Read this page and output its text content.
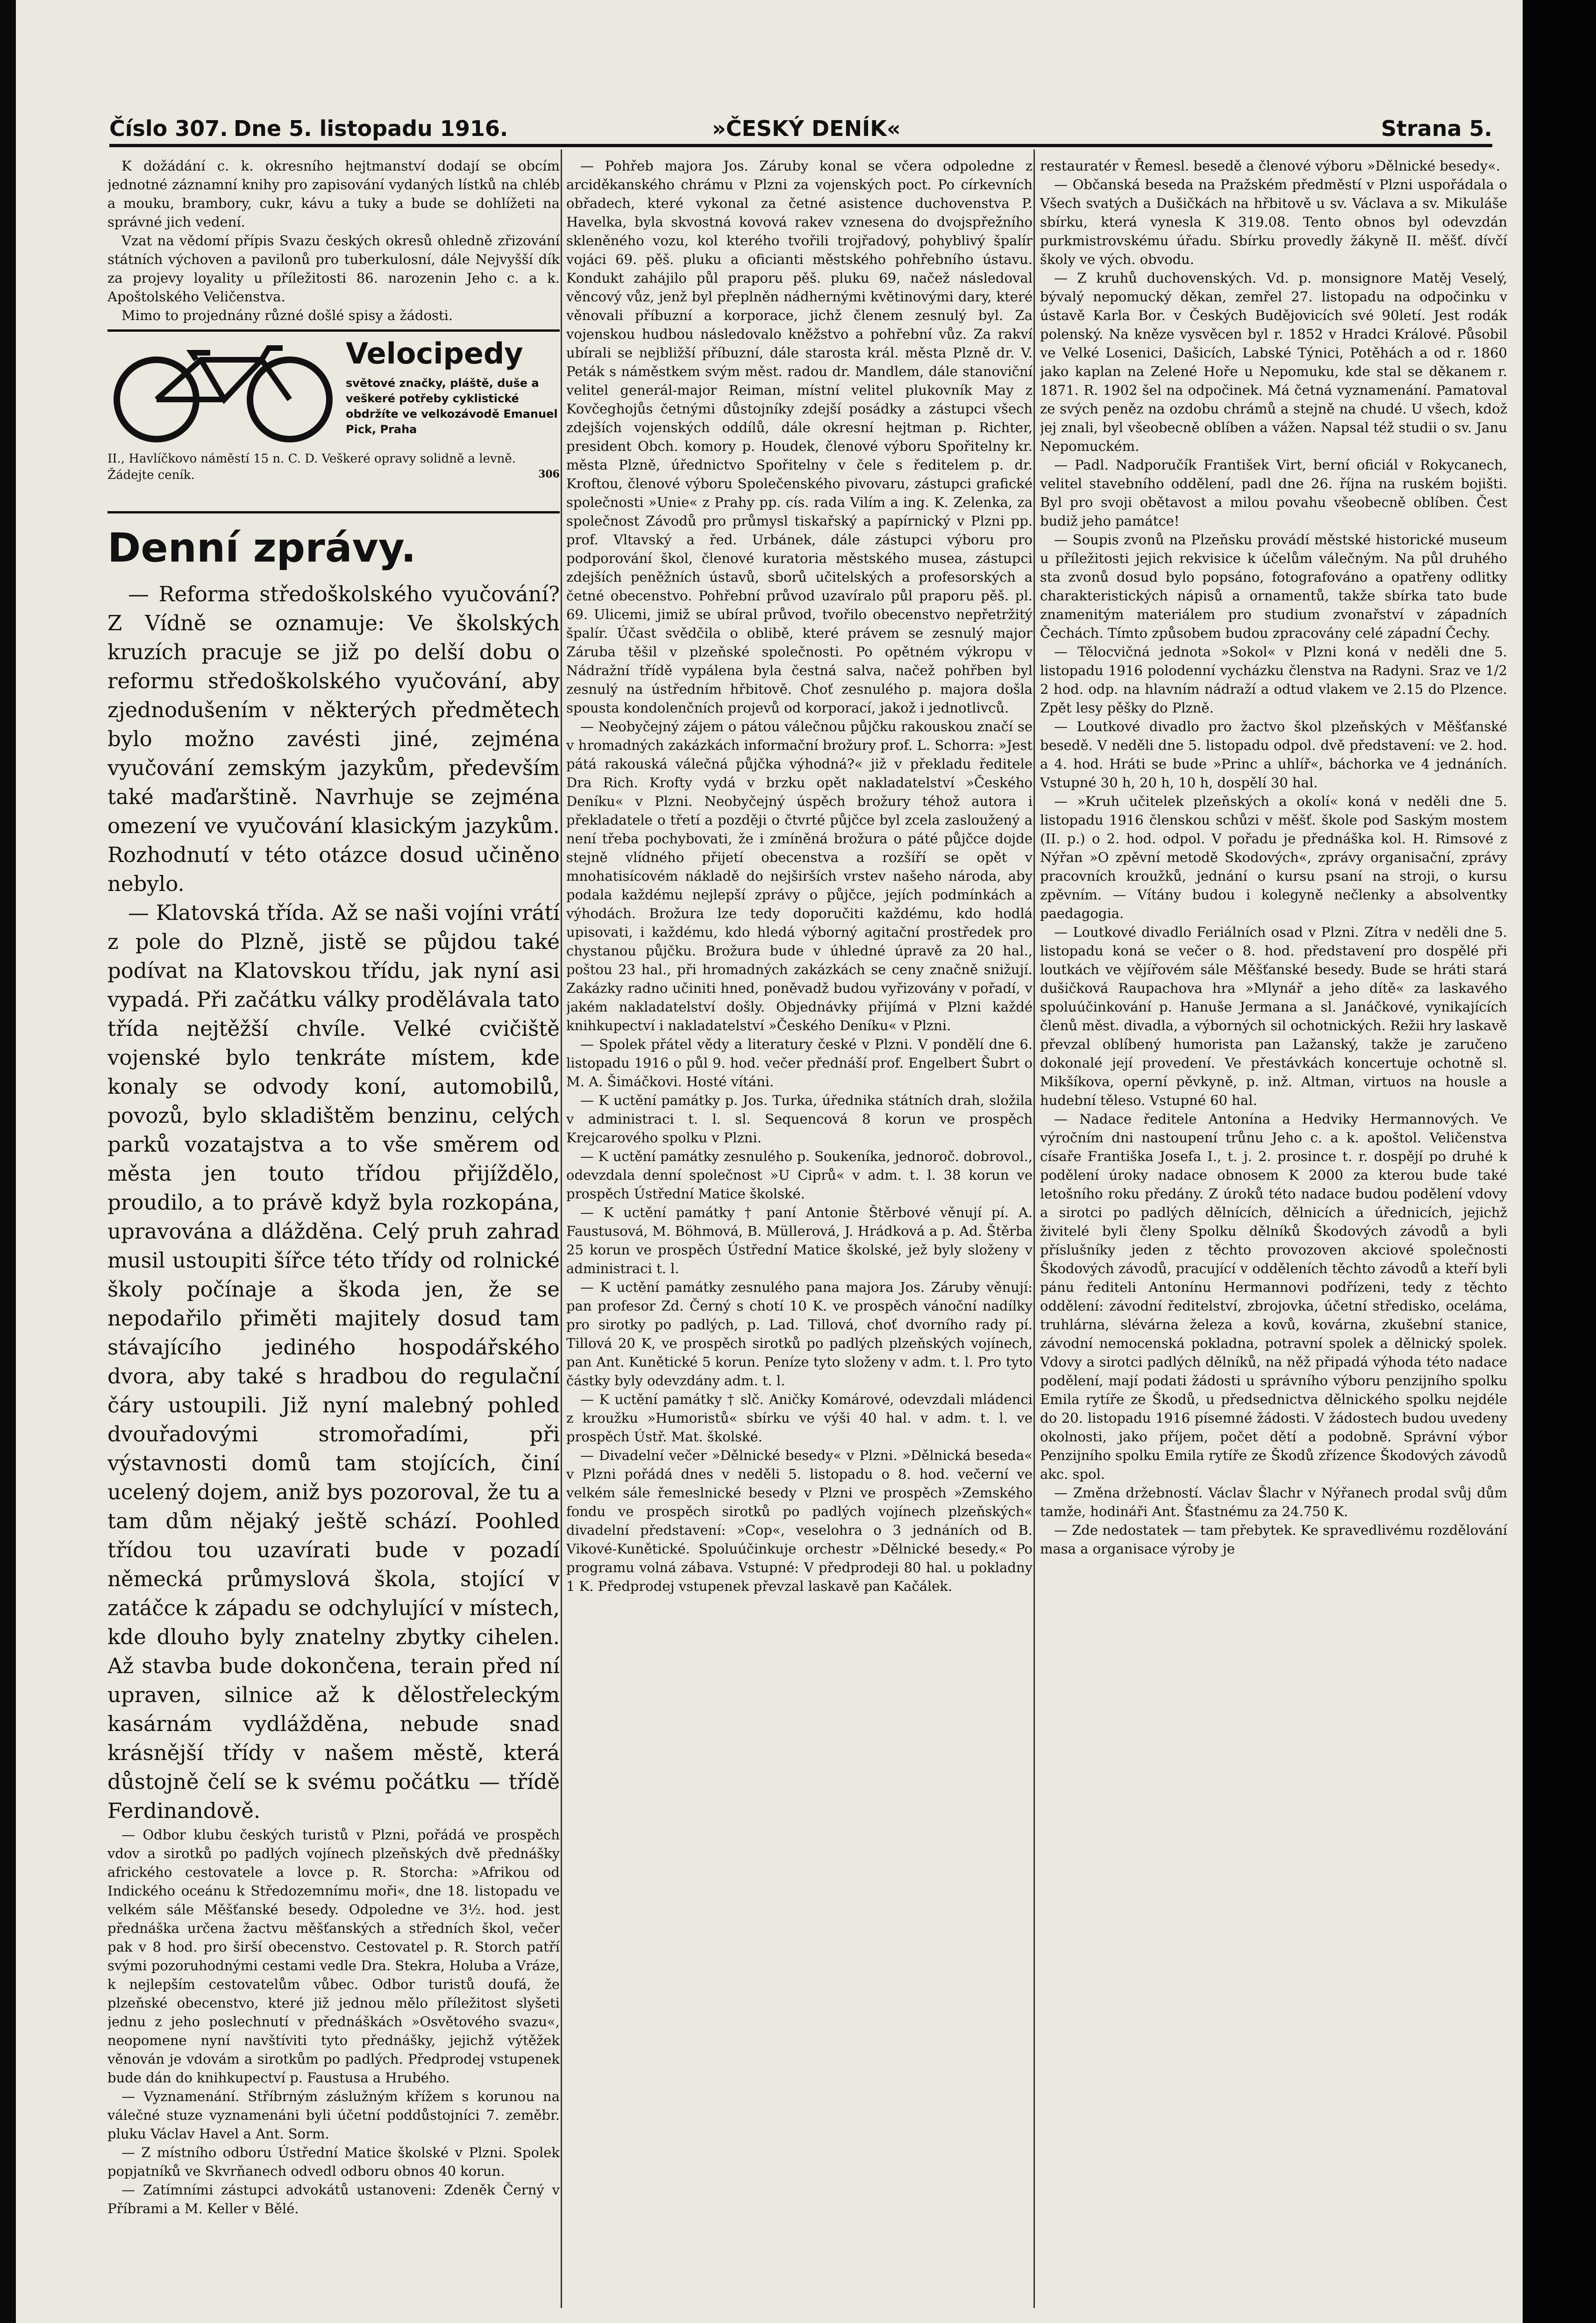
Číslo 307. Dne 5. listopadu 1916.	»ČESKÝ DENÍK«	Strana 5.

K dožádání c. k. okresního hejtmanství dodají se obcím jednotné záznamní knihy pro zapisování vydaných lístků na chléb a mouku, brambory, cukr, kávu a tuky a bude se dohlížeti na správné jich vedení.

Vzat na vědomí přípis Svazu českých okresů ohledně zřizování státních výchoven a pavilonů pro tuberkulosní, dále Nejvyšší dík za projevy loyality u příležitosti 86. narozenin Jeho c. a k. Apoštolského Veličenstva.

Mimo to projednány různé došlé spisy a žádosti.

Velocipedy
světové značky, pláště, duše a veškeré potřeby cyklistické obdržíte ve velkozávodě Emanuel Pick, Praha
II., Havlíčkovo náměstí 15 n. C. D. Veškeré opravy solidně a levně. Žádejte ceník.	306
Denní zprávy.

— Reforma středoškolského vyučování? Z Vídně se oznamuje: Ve školských kruzích pracuje se již po delší dobu o reformu středoškolského vyučování, aby zjednodušením v některých předmětech bylo možno zavésti jiné, zejména vyučování zemským jazykům, především také maďarštině. Navrhuje se zejména omezení ve vyučování klasickým jazykům. Rozhodnutí v této otázce dosud učiněno nebylo.

— Klatovská třída. Až se naši vojíni vrátí z pole do Plzně, jistě se půjdou také podívat na Klatovskou třídu, jak nyní asi vypadá. Při začátku války prodělávala tato třída nejtěžší chvíle. Velké cvičiště vojenské bylo tenkráte místem, kde konaly se odvody koní, automobilů, povozů, bylo skladištěm benzinu, celých parků vozatajstva a to vše směrem od města jen touto třídou přijíždělo, proudilo, a to právě když byla rozkopána, upravována a dlážděna. Celý pruh zahrad musil ustoupiti šířce této třídy od rolnické školy počínaje a škoda jen, že se nepodařilo přiměti majitely dosud tam stávajícího jediného hospodářského dvora, aby také s hradbou do regulační čáry ustoupili. Již nyní malebný pohled dvouřadovými stromořadími, při výstavnosti domů tam stojících, činí ucelený dojem, aniž bys pozoroval, že tu a tam dům nějaký ještě schází. Poohled třídou tou uzavírati bude v pozadí německá průmyslová škola, stojící v zatáčce k západu se odchylující v místech, kde dlouho byly znatelny zbytky cihelen. Až stavba bude dokončena, terain před ní upraven, silnice až k dělostřeleckým kasárnám vydlážděna, nebude snad krásnější třídy v našem městě, která důstojně čelí se k svému počátku — třídě Ferdinandově.

— Odbor klubu českých turistů v Plzni, pořádá ve prospěch vdov a sirotků po padlých vojínech plzeňských dvě přednášky afrického cestovatele a lovce p. R. Storcha: »Afrikou od Indického oceánu k Středozemnímu moři«, dne 18. listopadu ve velkém sále Měšťanské besedy. Odpoledne ve 3½. hod. jest přednáška určena žactvu měšťanských a středních škol, večer pak v 8 hod. pro širší obecenstvo. Cestovatel p. R. Storch patří svými pozoruhodnými cestami vedle Dra. Stekra, Holuba a Vráze, k nejlepším cestovatelům vůbec. Odbor turistů doufá, že plzeňské obecenstvo, které již jednou mělo příležitost slyšeti jednu z jeho poslechnutí v přednáškách »Osvětového svazu«, neopomene nyní navštíviti tyto přednášky, jejichž výtěžek věnován je vdovám a sirotkům po padlých. Předprodej vstupenek bude dán do knihkupectví p. Faustusa a Hrubého.

— Vyznamenání. Stříbrným záslužným křížem s korunou na válečné stuze vyznamenáni byli účetní poddůstojníci 7. zeměbr. pluku Václav Havel a Ant. Sorm.

— Z místního odboru Ústřední Matice školské v Plzni. Spolek popjatníků ve Skvrňanech odvedl odboru obnos 40 korun.

— Zatímními zástupci advokátů ustanoveni: Zdeněk Černý v Příbrami a M. Keller v Bělé.

— Pohřeb majora Jos. Záruby konal se včera odpoledne z arciděkanského chrámu v Plzni za vojenských poct. Po církevních obřadech, které vykonal za četné asistence duchovenstva P. Havelka, byla skvostná kovová rakev vznesena do dvojspřežního skleněného vozu, kol kterého tvořili trojřadový, pohyblivý špalír vojáci 69. pěš. pluku a oficianti městského pohřebního ústavu. Kondukt zahájilo půl praporu pěš. pluku 69, načež následoval věncový vůz, jenž byl přeplněn nádhernými květinovými dary, které věnovali příbuzní a korporace, jichž členem zesnulý byl. Za vojenskou hudbou následovalo kněžstvo a pohřební vůz. Za rakví ubírali se nejbližší příbuzní, dále starosta král. města Plzně dr. V. Peták s náměstkem svým měst. radou dr. Mandlem, dále stanoviční velitel generál-major Reiman, místní velitel plukovník May z Kovčeghojůs četnými důstojníky zdejší posádky a zástupci všech zdejších vojenských oddílů, dále okresní hejtman p. Richter, president Obch. komory p. Houdek, členové výboru Spořitelny kr. města Plzně, úřednictvo Spořitelny v čele s ředitelem p. dr. Kroftou, členové výboru Společenského pivovaru, zástupci grafické společnosti »Unie« z Prahy pp. cís. rada Vilím a ing. K. Zelenka, za společnost Závodů pro průmysl tiskařský a papírnický v Plzni pp. prof. Vltavský a řed. Urbánek, dále zástupci výboru pro podporování škol, členové kuratoria městského musea, zástupci zdejších peněžních ústavů, sborů učitelských a profesorských a četné obecenstvo. Pohřební průvod uzavíralo půl praporu pěš. pl. 69. Ulicemi, jimiž se ubíral průvod, tvořilo obecenstvo nepřetržitý špalír. Účast svědčila o oblibě, které právem se zesnulý major Záruba těšil v plzeňské společnosti. Po opětném výkropu v Nádražní třídě vypálena byla čestná salva, načež pohřben byl zesnulý na ústředním hřbitově. Choť zesnulého p. majora došla spousta kondolenčních projevů od korporací, jakož i jednotlivců.

— Neobyčejný zájem o pátou válečnou půjčku rakouskou značí se v hromadných zakázkách informační brožury prof. L. Schorra: »Jest pátá rakouská válečná půjčka výhodná?« již v překladu ředitele Dra Rich. Krofty vydá v brzku opět nakladatelství »Českého Deníku« v Plzni. Neobyčejný úspěch brožury téhož autora i překladatele o třetí a později o čtvrté půjčce byl zcela zasloužený a není třeba pochybovati, že i zmíněná brožura o páté půjčce dojde stejně vlídného přijetí obecenstva a rozšíří se opět v mnohatisícovém nákladě do nejširších vrstev našeho národa, aby podala každému nejlepší zprávy o půjčce, jejích podmínkách a výhodách. Brožura lze tedy doporučiti každému, kdo hodlá upisovati, i každému, kdo hledá výborný agitační prostředek pro chystanou půjčku. Brožura bude v úhledné úpravě za 20 hal., poštou 23 hal., při hromadných zakázkách se ceny značně snižují. Zakázky radno učiniti hned, poněvadž budou vyřizovány v pořadí, v jakém nakladatelství došly. Objednávky přijímá v Plzni každé knihkupectví i nakladatelství »Českého Deníku« v Plzni.

— Spolek přátel vědy a literatury české v Plzni. V pondělí dne 6. listopadu 1916 o půl 9. hod. večer přednáší prof. Engelbert Šubrt o M. A. Šimáčkovi. Hosté vítáni.

— K uctění památky p. Jos. Turka, úřednika státních drah, složila v administraci t. l. sl. Sequencová 8 korun ve prospěch Krejcarového spolku v Plzni.

— K uctění památky zesnulého p. Soukeníka, jednoroč. dobrovol., odevzdala denní společnost »U Ciprů« v adm. t. l. 38 korun ve prospěch Ústřední Matice školské.

— K uctění památky † paní Antonie Štěrbové věnují pí. A. Faustusová, M. Böhmová, B. Müllerová, J. Hrádková a p. Ad. Štěrba 25 korun ve prospěch Ústřední Matice školské, jež byly složeny v administraci t. l.

— K uctění památky zesnulého pana majora Jos. Záruby věnují: pan profesor Zd. Černý s chotí 10 K. ve prospěch vánoční nadílky pro sirotky po padlých, p. Lad. Tillová, choť dvorního rady pí. Tillová 20 K, ve prospěch sirotků po padlých plzeňských vojínech, pan Ant. Kunětické 5 korun. Peníze tyto složeny v adm. t. l. Pro tyto částky byly odevzdány adm. t. l.

— K uctění památky † slč. Aničky Komárové, odevzdali mládenci z kroužku »Humoristů« sbírku ve výši 40 hal. v adm. t. l. ve prospěch Ústř. Mat. školské.

— Divadelní večer »Dělnické besedy« v Plzni. »Dělnická beseda« v Plzni pořádá dnes v neděli 5. listopadu o 8. hod. večerní ve velkém sále řemeslnické besedy v Plzni ve prospěch »Zemského fondu ve prospěch sirotků po padlých vojínech plzeňských« divadelní představení: »Cop«, veselohra o 3 jednáních od B. Vikové-Kunětické. Spoluúčinkuje orchestr »Dělnické besedy.« Po programu volná zábava. Vstupné: V předprodeji 80 hal. u pokladny 1 K. Předprodej vstupenek převzal laskavě pan Kačálek.

restauratér v Řemesl. besedě a členové výboru »Dělnické besedy«.

— Občanská beseda na Pražském předměstí v Plzni uspořádala o Všech svatých a Dušičkách na hřbitově u sv. Václava a sv. Mikuláše sbírku, která vynesla K 319.08. Tento obnos byl odevzdán purkmistrovskému úřadu. Sbírku provedly žákyně II. měšť. dívčí školy ve vých. obvodu.

— Z kruhů duchovenských. Vd. p. monsignore Matěj Veselý, bývalý nepomucký děkan, zemřel 27. listopadu na odpočinku v ústavě Karla Bor. v Českých Budějovicích své 90letí. Jest rodák polenský. Na kněze vysvěcen byl r. 1852 v Hradci Králové. Působil ve Velké Losenici, Dašicích, Labské Týnici, Potěhách a od r. 1860 jako kaplan na Zelené Hoře u Nepomuku, kde stal se děkanem r. 1871. R. 1902 šel na odpočinek. Má četná vyznamenání. Pamatoval ze svých peněz na ozdobu chrámů a stejně na chudé. U všech, kdož jej znali, byl všeobecně oblíben a vážen. Napsal též studii o sv. Janu Nepomuckém.

— Padl. Nadporučík František Virt, berní oficiál v Rokycanech, velitel stavebního oddělení, padl dne 26. října na ruském bojišti. Byl pro svoji obětavost a milou povahu všeobecně oblíben. Čest budiž jeho památce!

— Soupis zvonů na Plzeňsku provádí městské historické museum u příležitosti jejich rekvisice k účelům válečným. Na půl druhého sta zvonů dosud bylo popsáno, fotografováno a opatřeny odlitky charakteristických nápisů a ornamentů, takže sbírka tato bude znamenitým materiálem pro studium zvonařství v západních Čechách. Tímto způsobem budou zpracovány celé západní Čechy.

— Tělocvičná jednota »Sokol« v Plzni koná v neděli dne 5. listopadu 1916 polodenní vycházku členstva na Radyni. Sraz ve 1/2 2 hod. odp. na hlavním nádraží a odtud vlakem ve 2.15 do Plzence. Zpět lesy pěšky do Plzně.

— Loutkové divadlo pro žactvo škol plzeňských v Měšťanské besedě. V neděli dne 5. listopadu odpol. dvě představení: ve 2. hod. a 4. hod. Hráti se bude »Princ a uhlíř«, báchorka ve 4 jednáních. Vstupné 30 h, 20 h, 10 h, dospělí 30 hal.

— »Kruh učitelek plzeňských a okolí« koná v neděli dne 5. listopadu 1916 členskou schůzi v měšť. škole pod Saským mostem (II. p.) o 2. hod. odpol. V pořadu je přednáška kol. H. Rimsové z Nýřan »O zpěvní metodě Skodových«, zprávy organisační, zprávy pracovních kroužků, jednání o kursu psaní na stroji, o kursu zpěvním. — Vítány budou i kolegyně nečlenky a absolventky paedagogia.

— Loutkové divadlo Feriálních osad v Plzni. Zítra v neděli dne 5. listopadu koná se večer o 8. hod. představení pro dospělé při loutkách ve vějířovém sále Měšťanské besedy. Bude se hráti stará dušičková Raupachova hra »Mlynář a jeho dítě« za laskavého spoluúčinkování p. Hanuše Jermana a sl. Janáčkové, vynikajících členů měst. divadla, a výborných sil ochotnických. Režii hry laskavě převzal oblíbený humorista pan Lažanský, takže je zaručeno dokonalé její provedení. Ve přestávkách koncertuje ochotně sl. Mikšíkova, operní pěvkyně, p. inž. Altman, virtuos na housle a hudební těleso. Vstupné 60 hal.

— Nadace ředitele Antonína a Hedviky Hermannových. Ve výročním dni nastoupení trůnu Jeho c. a k. apoštol. Veličenstva císaře Františka Josefa I., t. j. 2. prosince t. r. dospějí po druhé k podělení úroky nadace obnosem K 2000 za kterou bude také letošního roku předány. Z úroků této nadace budou podělení vdovy a sirotci po padlých dělnících, dělnicích a úřednicích, jejichž živitelé byli členy Spolku dělníků Škodových závodů a byli příslušníky jeden z těchto provozoven akciové společnosti Škodových závodů, pracující v odděleních těchto závodů a kteří byli pánu řediteli Antonínu Hermannovi podřízeni, tedy z těchto oddělení: závodní ředitelství, zbrojovka, účetní středisko, oceláma, truhlárna, slévárna železa a kovů, kovárna, zkušební stanice, závodní nemocenská pokladna, potravní spolek a dělnický spolek. Vdovy a sirotci padlých dělníků, na něž připadá výhoda této nadace podělení, mají podati žádosti u správního výboru penzijního spolku Emila rytíře ze Škodů, u předsednictva dělnického spolku nejdéle do 20. listopadu 1916 písemné žádosti. V žádostech budou uvedeny okolnosti, jako příjem, počet dětí a podobně. Správní výbor Penzijního spolku Emila rytíře ze Škodů zřízence Škodových závodů akc. spol.

— Změna držebností. Václav Šlachr v Nýřanech prodal svůj dům tamže, hodináři Ant. Šťastnému za 24.750 K.

— Zde nedostatek — tam přebytek. Ke spravedlivému rozdělování masa a organisace výroby je
